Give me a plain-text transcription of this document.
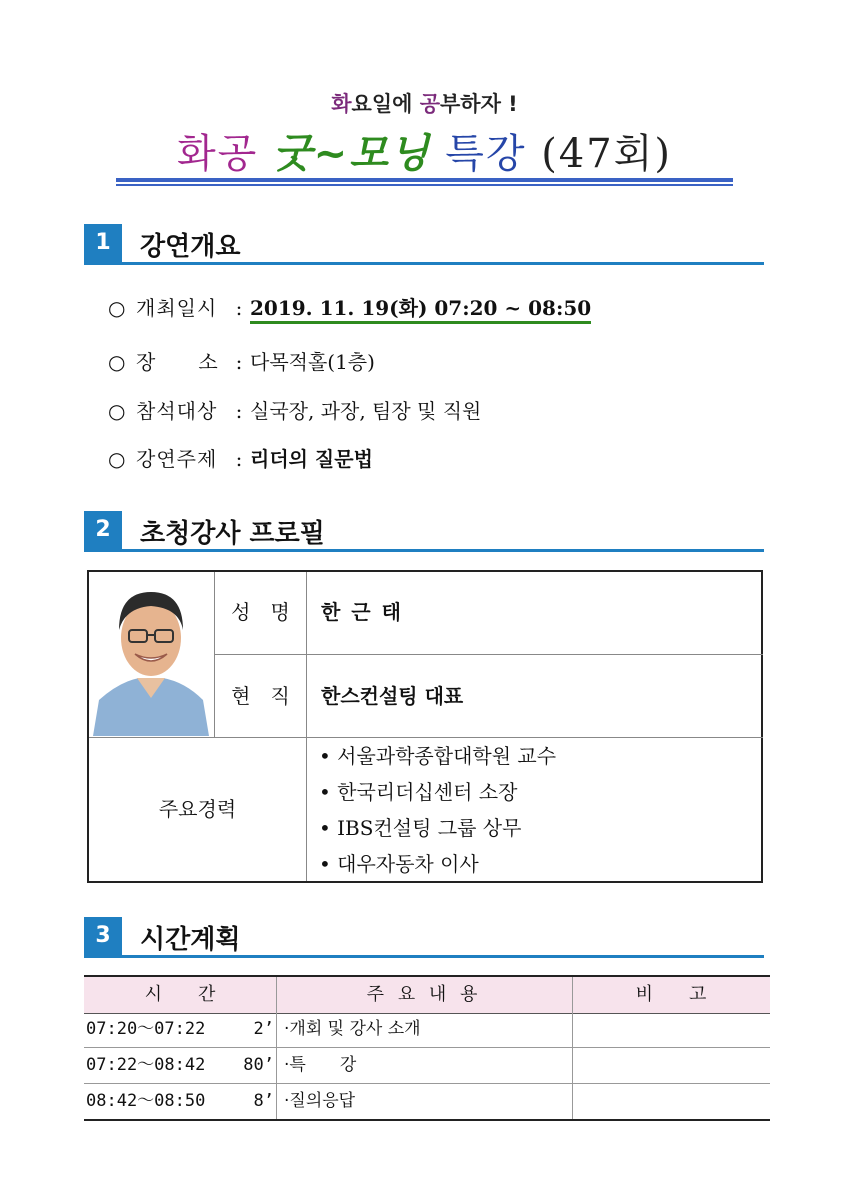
화요일에 공부하자 !
화공 굿~모닝 특강 (47회)
1	강연개요
○ 개최일시 : 2019. 11. 19(화) 07:20 ~ 08:50
○ 장　　소 : 다목적홀(1층)
○ 참석대상 : 실국장, 과장, 팀장 및 직원
○ 강연주제 : 리더의 질문법
2	초청강사 프로필
성　명	한 근 태
현　직	한스컨설팅 대표
주요경력
• 서울과학종합대학원 교수
• 한국리더십센터 소장
• IBS컨설팅 그룹 상무
• 대우자동차 이사
3	시간계획
시　　간	주 요 내 용	비　　고
07:20～07:22	2’ ·개회 및 강사 소개
07:22～08:42	80’ ·특　　강
08:42～08:50	8’ ·질의응답
